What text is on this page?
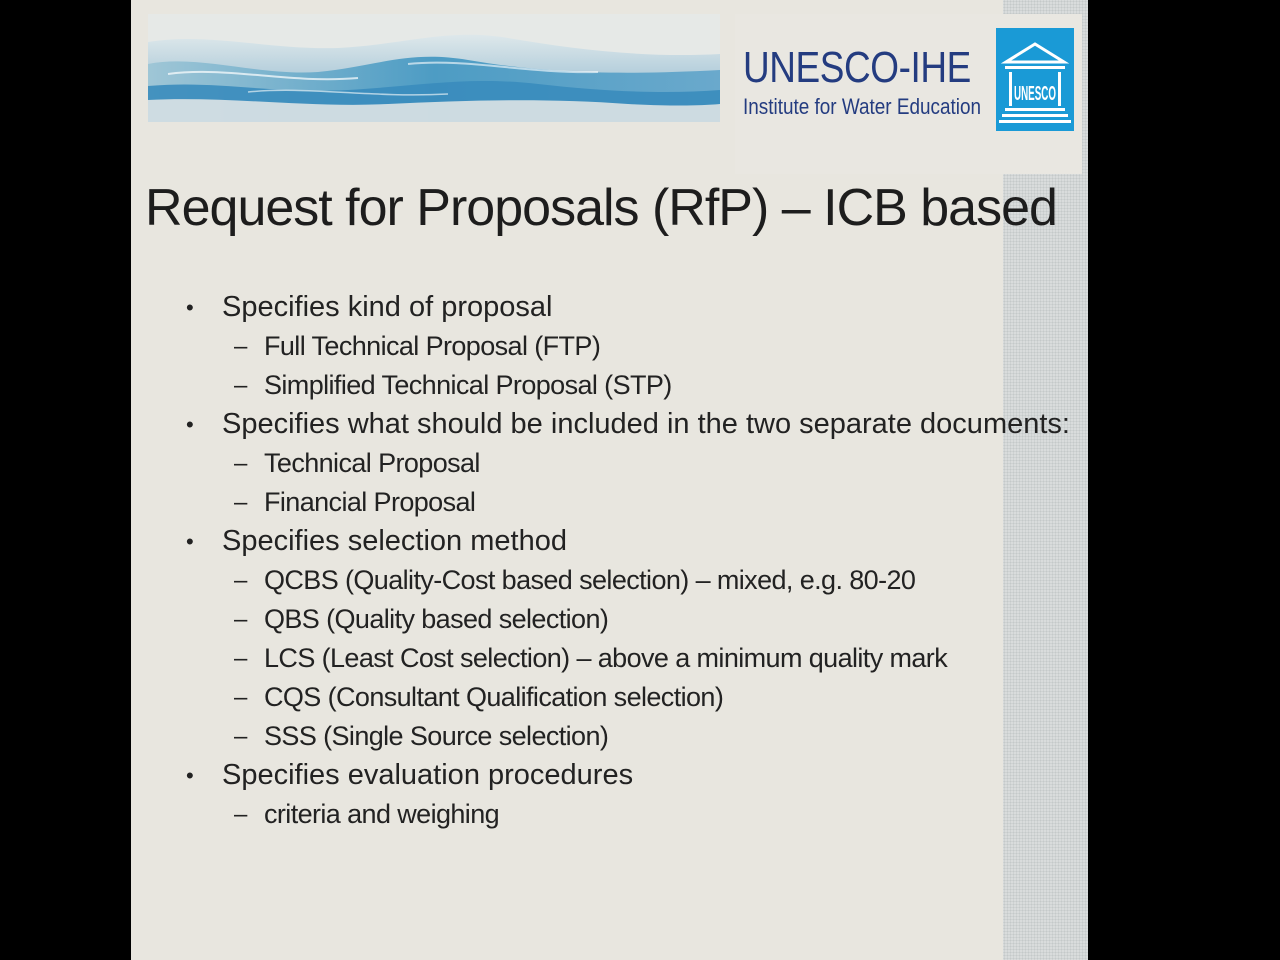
UNESCO-IHE
Institute for Water Education UNESCO
Request for Proposals (RfP) – ICB based
• Specifies kind of proposal
– Full Technical Proposal (FTP)
– Simplified Technical Proposal (STP)
• Specifies what should be included in the two separate documents:
– Technical Proposal
– Financial Proposal
• Specifies selection method
– QCBS (Quality-Cost based selection) – mixed, e.g. 80-20
– QBS (Quality based selection)
– LCS (Least Cost selection) – above a minimum quality mark
– CQS (Consultant Qualification selection)
– SSS (Single Source selection)
• Specifies evaluation procedures
– criteria and weighing
